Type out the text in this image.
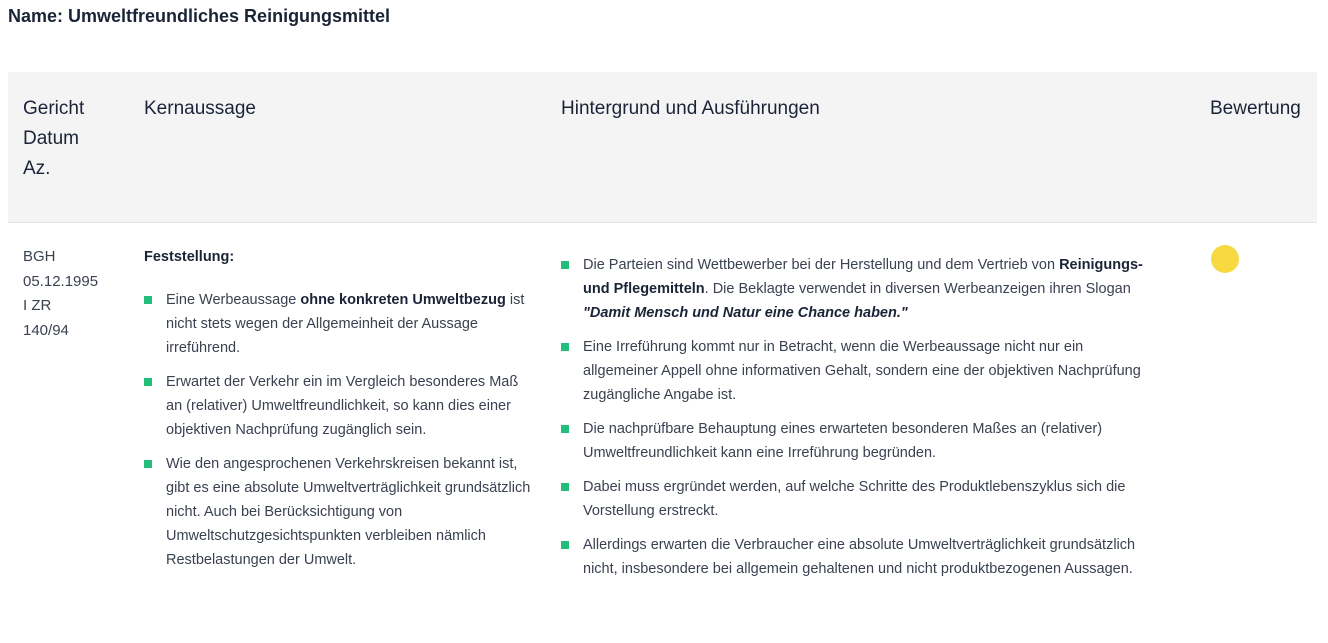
Name: Umweltfreundliches Reinigungsmittel
Gericht
Datum
Az.
Kernaussage	Hintergrund und Ausführungen	Bewertung
BGH
05.12.1995
I ZR
140/94
Feststellung:
Eine Werbeaussage ohne konkreten Umweltbezug ist nicht stets wegen der Allgemeinheit der Aussage irreführend.
Erwartet der Verkehr ein im Vergleich besonderes Maß an (relativer) Umweltfreundlichkeit, so kann dies einer objektiven Nachprüfung zugänglich sein.
Wie den angesprochenen Verkehrskreisen bekannt ist, gibt es eine absolute Umweltverträglichkeit grundsätzlich nicht. Auch bei Berücksichtigung von Umweltschutzgesichtspunkten verbleiben nämlich Restbelastungen der Umwelt.
Die Parteien sind Wettbewerber bei der Herstellung und dem Vertrieb von Reinigungs- und Pflegemitteln. Die Beklagte verwendet in diversen Werbeanzeigen ihren Slogan "Damit Mensch und Natur eine Chance haben."
Eine Irreführung kommt nur in Betracht, wenn die Werbeaussage nicht nur ein allgemeiner Appell ohne informativen Gehalt, sondern eine der objektiven Nachprüfung zugängliche Angabe ist.
Die nachprüfbare Behauptung eines erwarteten besonderen Maßes an (relativer) Umweltfreundlichkeit kann eine Irreführung begründen.
Dabei muss ergründet werden, auf welche Schritte des Produktlebenszyklus sich die Vorstellung erstreckt.
Allerdings erwarten die Verbraucher eine absolute Umweltverträglichkeit grundsätzlich nicht, insbesondere bei allgemein gehaltenen und nicht produktbezogenen Aussagen.
